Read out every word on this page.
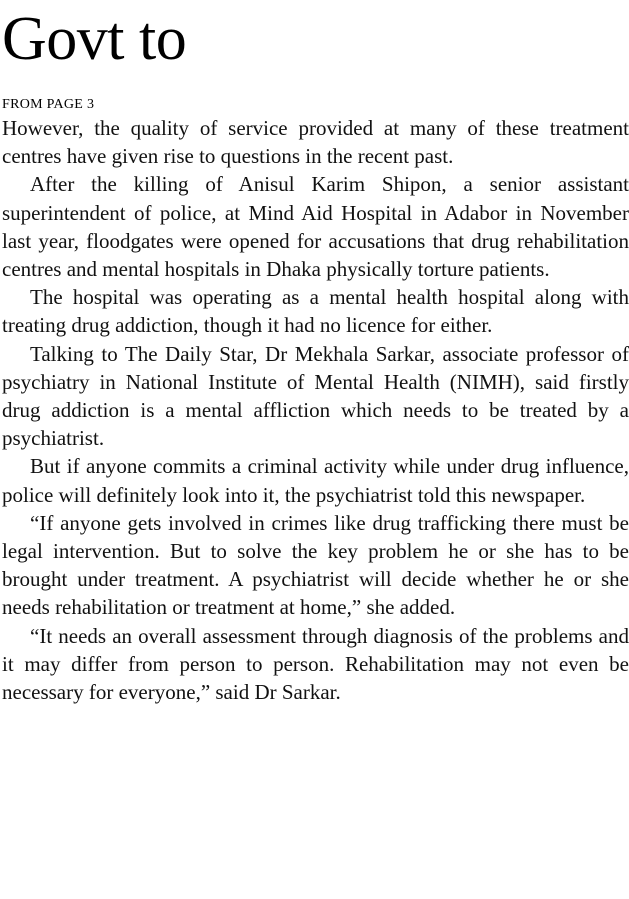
Govt to
FROM PAGE 3

However, the quality of service provided at many of these treatment centres have given rise to questions in the recent past.

After the killing of Anisul Karim Shipon, a senior assistant superintendent of police, at Mind Aid Hospital in Adabor in November last year, floodgates were opened for accusations that drug rehabilitation centres and mental hospitals in Dhaka physically torture patients.

The hospital was operating as a mental health hospital along with treating drug addiction, though it had no licence for either.

Talking to The Daily Star, Dr Mekhala Sarkar, associate professor of psychiatry in National Institute of Mental Health (NIMH), said firstly drug addiction is a mental affliction which needs to be treated by a psychiatrist.

But if anyone commits a criminal activity while under drug influence, police will definitely look into it, the psychiatrist told this newspaper.

“If anyone gets involved in crimes like drug trafficking there must be legal intervention. But to solve the key problem he or she has to be brought under treatment. A psychiatrist will decide whether he or she needs rehabilitation or treatment at home,” she added.

“It needs an overall assessment through diagnosis of the problems and it may differ from person to person. Rehabilitation may not even be necessary for everyone,” said Dr Sarkar.
